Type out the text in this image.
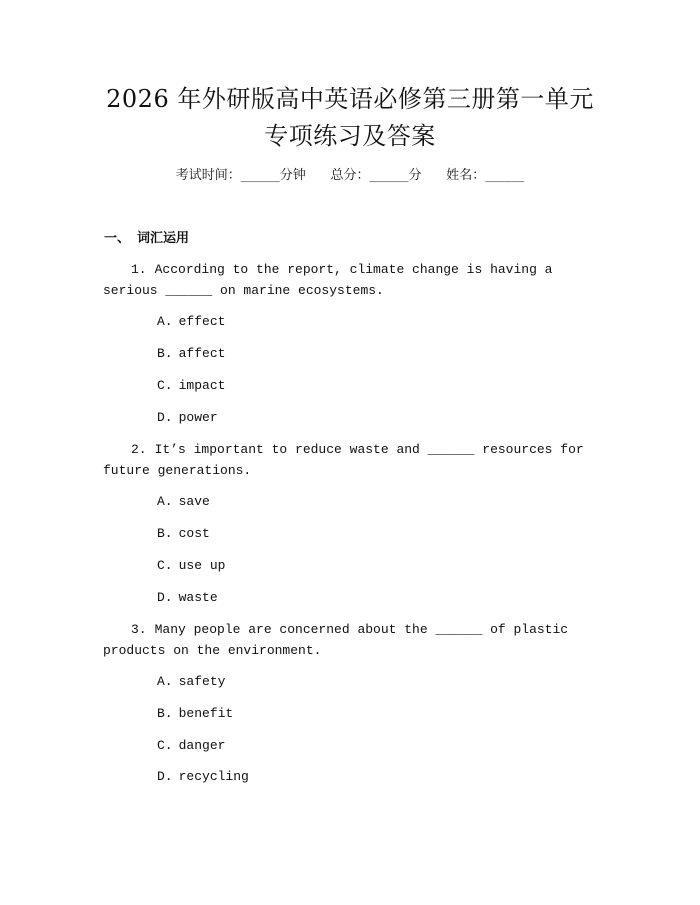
2026 年外研版高中英语必修第三册第一单元
专项练习及答案
考试时间：______分钟      总分：______分      姓名：______
一、 词汇运用
1. According to the report, climate change is having a serious ______ on marine ecosystems.
A. effect
B. affect
C. impact
D. power
2. It’s important to reduce waste and ______ resources for future generations.
A. save
B. cost
C. use up
D. waste
3. Many people are concerned about the ______ of plastic products on the environment.
A. safety
B. benefit
C. danger
D. recycling
